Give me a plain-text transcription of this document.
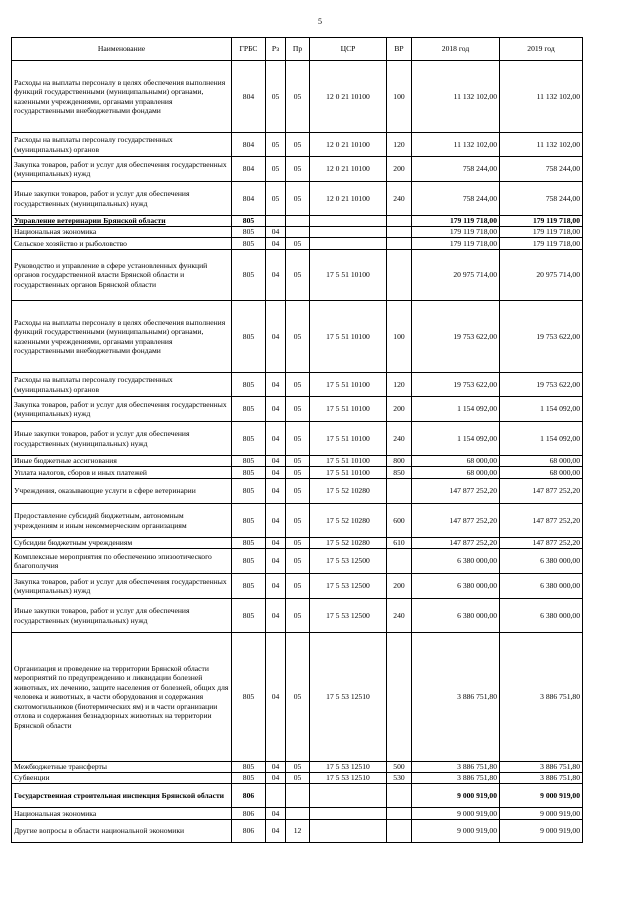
5
Наименование	ГРБС	Рз	Пр	ЦСР	ВР	2018 год	2019 год
Расходы на выплаты персоналу в целях обеспечения выполнения функций государственными (муниципальными) органами, казенными учреждениями, органами управления государственными внебюджетными фондами	804	05	05	12 0 21 10100	100	11 132 102,00	11 132 102,00
Расходы на выплаты персоналу государственных (муниципальных) органов	804	05	05	12 0 21 10100	120	11 132 102,00	11 132 102,00
Закупка товаров, работ и услуг для обеспечения государственных (муниципальных) нужд	804	05	05	12 0 21 10100	200	758 244,00	758 244,00
Иные закупки товаров, работ и услуг для обеспечения государственных (муниципальных) нужд	804	05	05	12 0 21 10100	240	758 244,00	758 244,00
Управление ветеринарии Брянской области	805					179 119 718,00	179 119 718,00
Национальная экономика	805	04				179 119 718,00	179 119 718,00
Сельское хозяйство и рыболовство	805	04	05			179 119 718,00	179 119 718,00
Руководство и управление в сфере установленных функций органов государственной власти Брянской области и государственных органов Брянской области	805	04	05	17 5 51 10100		20 975 714,00	20 975 714,00
Расходы на выплаты персоналу в целях обеспечения выполнения функций государственными (муниципальными) органами, казенными учреждениями, органами управления государственными внебюджетными фондами	805	04	05	17 5 51 10100	100	19 753 622,00	19 753 622,00
Расходы на выплаты персоналу государственных (муниципальных) органов	805	04	05	17 5 51 10100	120	19 753 622,00	19 753 622,00
Закупка товаров, работ и услуг для обеспечения государственных (муниципальных) нужд	805	04	05	17 5 51 10100	200	1 154 092,00	1 154 092,00
Иные закупки товаров, работ и услуг для обеспечения государственных (муниципальных) нужд	805	04	05	17 5 51 10100	240	1 154 092,00	1 154 092,00
Иные бюджетные ассигнования	805	04	05	17 5 51 10100	800	68 000,00	68 000,00
Уплата налогов, сборов и иных платежей	805	04	05	17 5 51 10100	850	68 000,00	68 000,00
Учреждения, оказывающие услуги в сфере ветеринарии	805	04	05	17 5 52 10280		147 877 252,20	147 877 252,20
Предоставление субсидий бюджетным, автономным учреждениям и иным некоммерческим организациям	805	04	05	17 5 52 10280	600	147 877 252,20	147 877 252,20
Субсидии бюджетным учреждениям	805	04	05	17 5 52 10280	610	147 877 252,20	147 877 252,20
Комплексные мероприятия по обеспечению эпизоотического благополучия	805	04	05	17 5 53 12500		6 380 000,00	6 380 000,00
Закупка товаров, работ и услуг для обеспечения государственных (муниципальных) нужд	805	04	05	17 5 53 12500	200	6 380 000,00	6 380 000,00
Иные закупки товаров, работ и услуг для обеспечения государственных (муниципальных) нужд	805	04	05	17 5 53 12500	240	6 380 000,00	6 380 000,00
Организация и проведение на территории Брянской области мероприятий по предупреждению и ликвидации болезней животных, их лечению, защите населения от болезней, общих для человека и животных, в части оборудования и содержания скотомогильников (биотермических ям) и в части организации отлова и содержания безнадзорных животных на территории Брянской области	805	04	05	17 5 53 12510		3 886 751,80	3 886 751,80
Межбюджетные трансферты	805	04	05	17 5 53 12510	500	3 886 751,80	3 886 751,80
Субвенции	805	04	05	17 5 53 12510	530	3 886 751,80	3 886 751,80
Государственная строительная инспекция Брянской области	806					9 000 919,00	9 000 919,00
Национальная экономика	806	04				9 000 919,00	9 000 919,00
Другие вопросы в области национальной экономики	806	04	12			9 000 919,00	9 000 919,00
